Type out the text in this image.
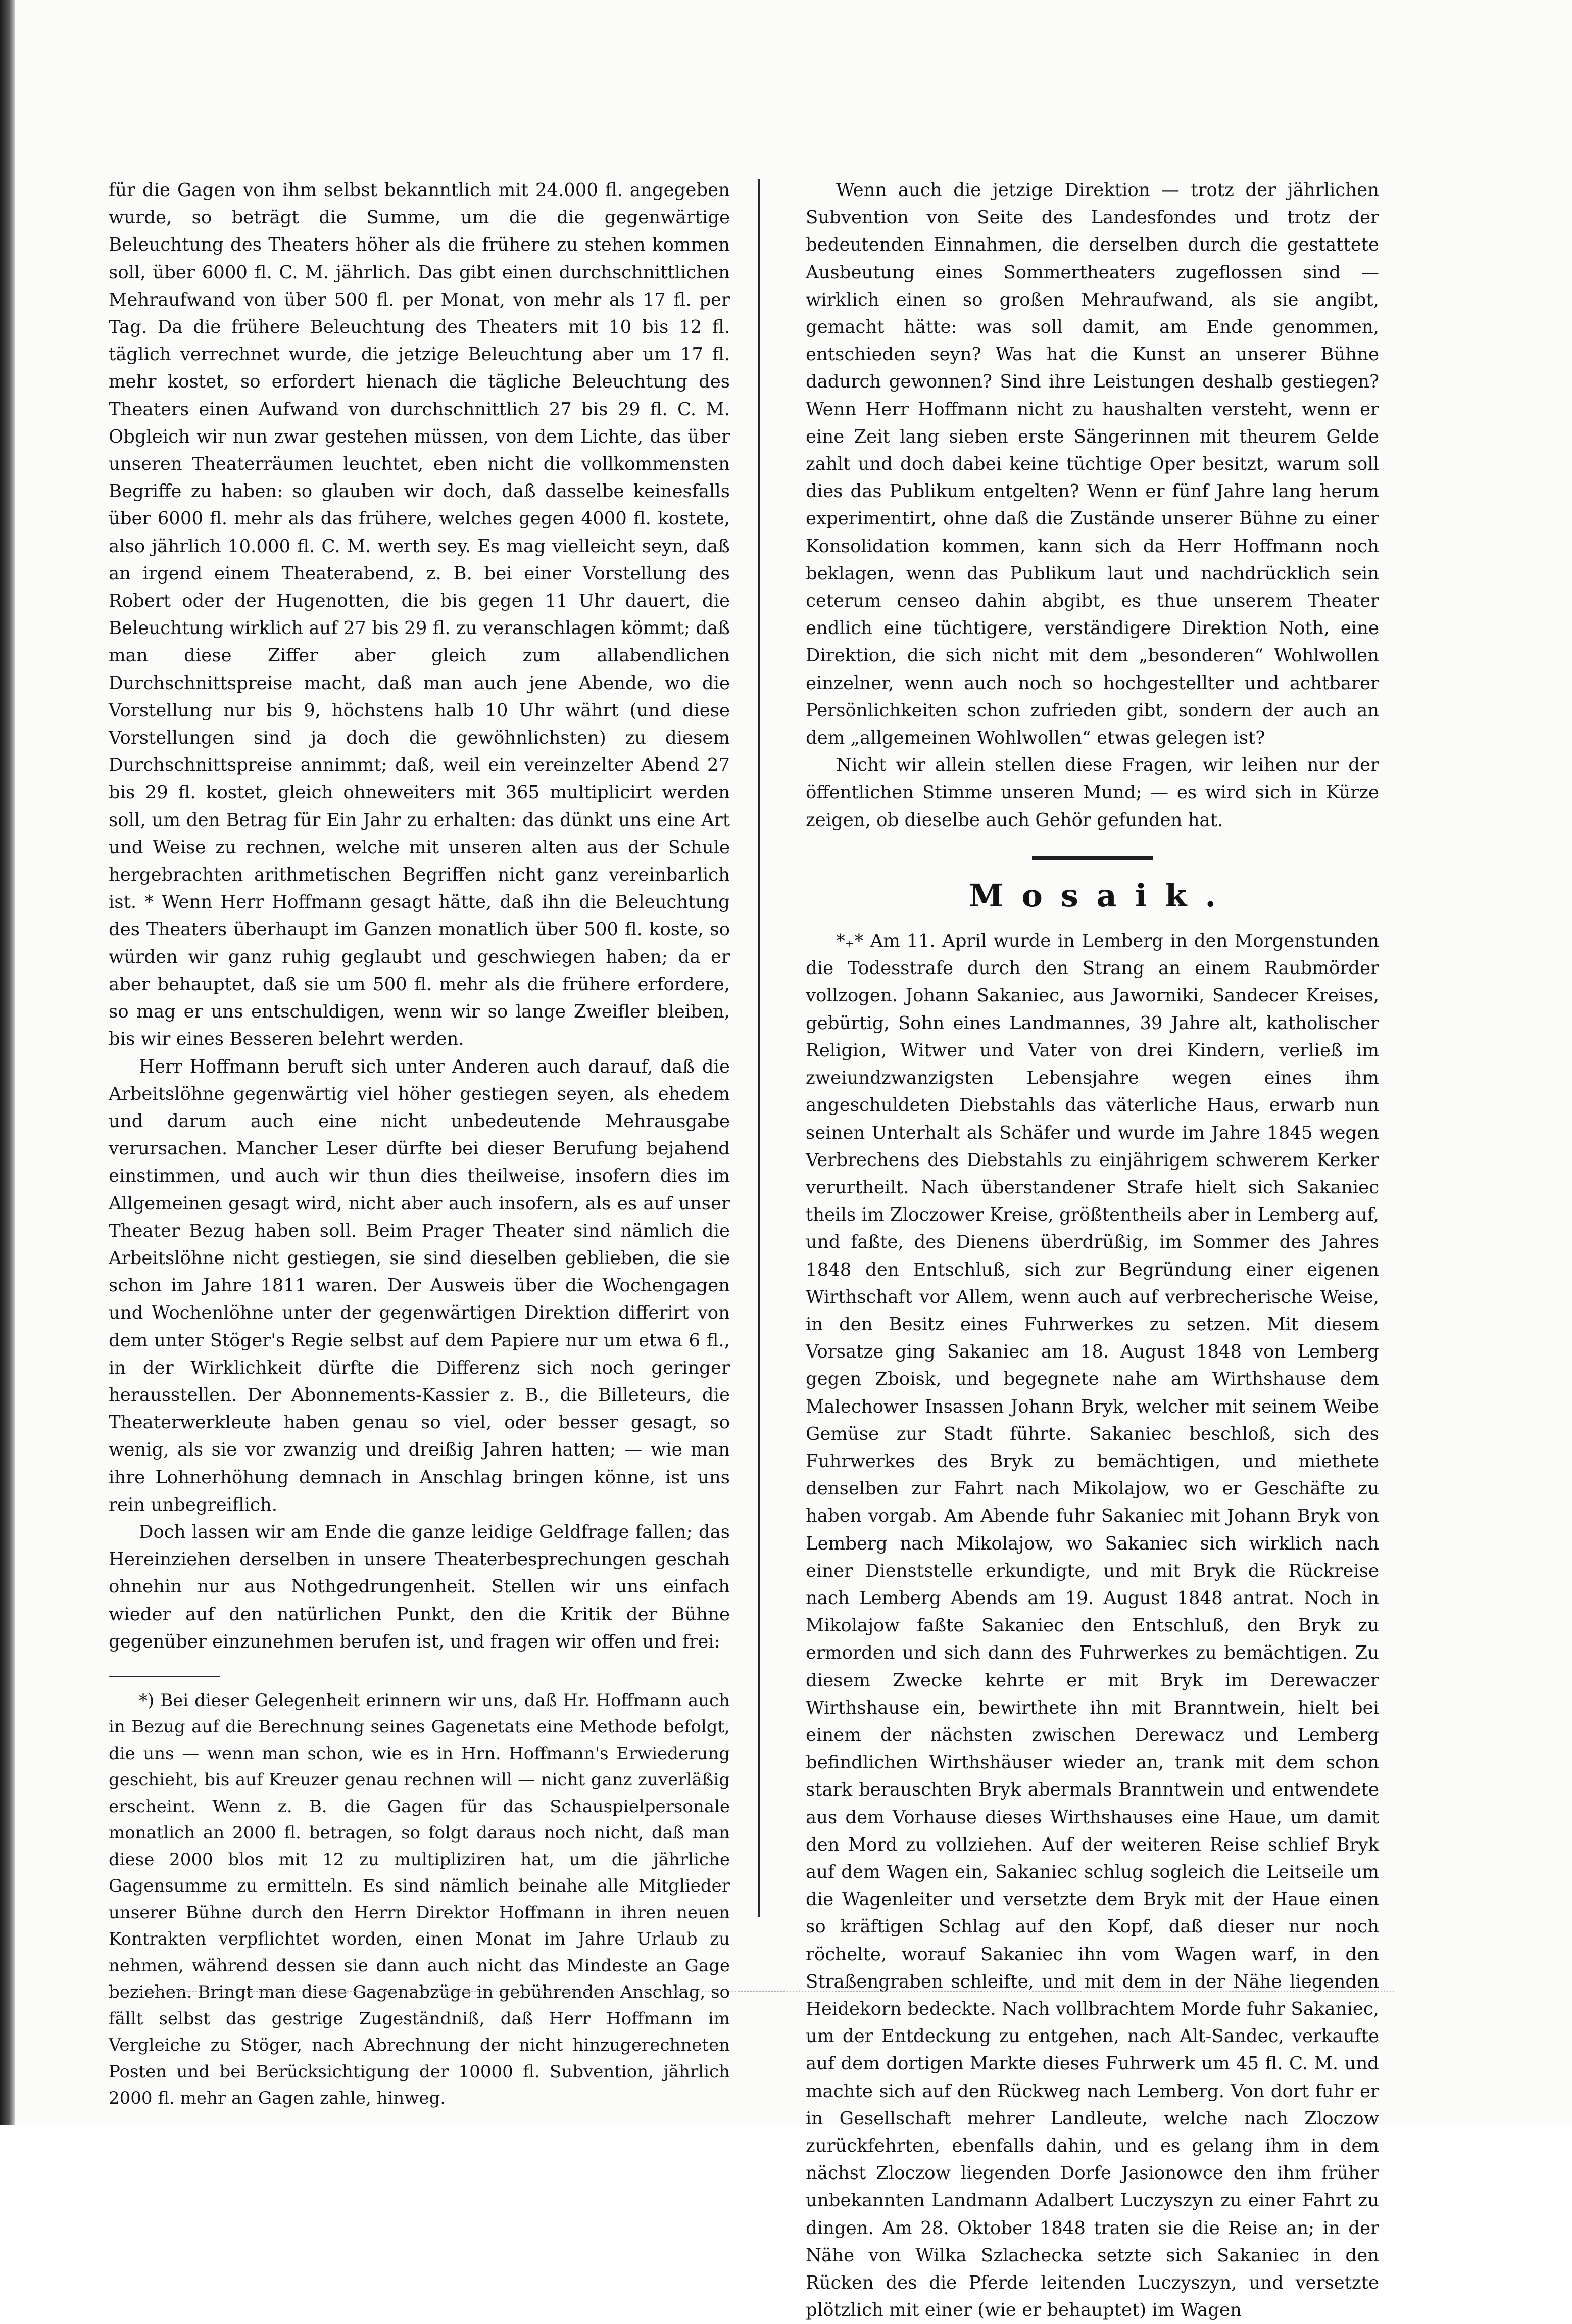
für die Gagen von ihm selbst bekanntlich mit 24.000 fl. angegeben wurde, so beträgt die Summe, um die die gegenwärtige Beleuchtung des Theaters höher als die frühere zu stehen kommen soll, über 6000 fl. C. M. jährlich. Das gibt einen durchschnittlichen Mehraufwand von über 500 fl. per Monat, von mehr als 17 fl. per Tag. Da die frühere Beleuchtung des Theaters mit 10 bis 12 fl. täglich verrechnet wurde, die jetzige Beleuchtung aber um 17 fl. mehr kostet, so erfordert hienach die tägliche Beleuchtung des Theaters einen Aufwand von durchschnittlich 27 bis 29 fl. C. M. Obgleich wir nun zwar gestehen müssen, von dem Lichte, das über unseren Theaterräumen leuchtet, eben nicht die vollkommensten Begriffe zu haben: so glauben wir doch, daß dasselbe keinesfalls über 6000 fl. mehr als das frühere, welches gegen 4000 fl. kostete, also jährlich 10.000 fl. C. M. werth sey. Es mag vielleicht seyn, daß an irgend einem Theaterabend, z. B. bei einer Vorstellung des Robert oder der Hugenotten, die bis gegen 11 Uhr dauert, die Beleuchtung wirklich auf 27 bis 29 fl. zu veranschlagen kömmt; daß man diese Ziffer aber gleich zum allabendlichen Durchschnittspreise macht, daß man auch jene Abende, wo die Vorstellung nur bis 9, höchstens halb 10 Uhr währt (und diese Vorstellungen sind ja doch die gewöhnlichsten) zu diesem Durchschnittspreise annimmt; daß, weil ein vereinzelter Abend 27 bis 29 fl. kostet, gleich ohneweiters mit 365 multiplicirt werden soll, um den Betrag für Ein Jahr zu erhalten: das dünkt uns eine Art und Weise zu rechnen, welche mit unseren alten aus der Schule hergebrachten arithmetischen Begriffen nicht ganz vereinbarlich ist. * Wenn Herr Hoffmann gesagt hätte, daß ihn die Beleuchtung des Theaters überhaupt im Ganzen monatlich über 500 fl. koste, so würden wir ganz ruhig geglaubt und geschwiegen haben; da er aber behauptet, daß sie um 500 fl. mehr als die frühere erfordere, so mag er uns entschuldigen, wenn wir so lange Zweifler bleiben, bis wir eines Besseren belehrt werden.

Herr Hoffmann beruft sich unter Anderen auch darauf, daß die Arbeitslöhne gegenwärtig viel höher gestiegen seyen, als ehedem und darum auch eine nicht unbedeutende Mehrausgabe verursachen. Mancher Leser dürfte bei dieser Berufung bejahend einstimmen, und auch wir thun dies theilweise, insofern dies im Allgemeinen gesagt wird, nicht aber auch insofern, als es auf unser Theater Bezug haben soll. Beim Prager Theater sind nämlich die Arbeitslöhne nicht gestiegen, sie sind dieselben geblieben, die sie schon im Jahre 1811 waren. Der Ausweis über die Wochengagen und Wochenlöhne unter der gegenwärtigen Direktion differirt von dem unter Stöger's Regie selbst auf dem Papiere nur um etwa 6 fl., in der Wirklichkeit dürfte die Differenz sich noch geringer herausstellen. Der Abonnements-Kassier z. B., die Billeteurs, die Theaterwerkleute haben genau so viel, oder besser gesagt, so wenig, als sie vor zwanzig und dreißig Jahren hatten; — wie man ihre Lohnerhöhung demnach in Anschlag bringen könne, ist uns rein unbegreiflich.

Doch lassen wir am Ende die ganze leidige Geldfrage fallen; das Hereinziehen derselben in unsere Theaterbesprechungen geschah ohnehin nur aus Nothgedrungenheit. Stellen wir uns einfach wieder auf den natürlichen Punkt, den die Kritik der Bühne gegenüber einzunehmen berufen ist, und fragen wir offen und frei:

*) Bei dieser Gelegenheit erinnern wir uns, daß Hr. Hoffmann auch in Bezug auf die Berechnung seines Gagenetats eine Methode befolgt, die uns — wenn man schon, wie es in Hrn. Hoffmann's Erwiederung geschieht, bis auf Kreuzer genau rechnen will — nicht ganz zuverläßig erscheint. Wenn z. B. die Gagen für das Schauspielpersonale monatlich an 2000 fl. betragen, so folgt daraus noch nicht, daß man diese 2000 blos mit 12 zu multipliziren hat, um die jährliche Gagensumme zu ermitteln. Es sind nämlich beinahe alle Mitglieder unserer Bühne durch den Herrn Direktor Hoffmann in ihren neuen Kontrakten verpflichtet worden, einen Monat im Jahre Urlaub zu nehmen, während dessen sie dann auch nicht das Mindeste an Gage beziehen. Bringt man diese Gagenabzüge in gebührenden Anschlag, so fällt selbst das gestrige Zugeständniß, daß Herr Hoffmann im Vergleiche zu Stöger, nach Abrechnung der nicht hinzugerechneten Posten und bei Berücksichtigung der 10000 fl. Subvention, jährlich 2000 fl. mehr an Gagen zahle, hinweg.

Wenn auch die jetzige Direktion — trotz der jährlichen Subvention von Seite des Landesfondes und trotz der bedeutenden Einnahmen, die derselben durch die gestattete Ausbeutung eines Sommertheaters zugeflossen sind — wirklich einen so großen Mehraufwand, als sie angibt, gemacht hätte: was soll damit, am Ende genommen, entschieden seyn? Was hat die Kunst an unserer Bühne dadurch gewonnen? Sind ihre Leistungen deshalb gestiegen? Wenn Herr Hoffmann nicht zu haushalten versteht, wenn er eine Zeit lang sieben erste Sängerinnen mit theurem Gelde zahlt und doch dabei keine tüchtige Oper besitzt, warum soll dies das Publikum entgelten? Wenn er fünf Jahre lang herum experimentirt, ohne daß die Zustände unserer Bühne zu einer Konsolidation kommen, kann sich da Herr Hoffmann noch beklagen, wenn das Publikum laut und nachdrücklich sein ceterum censeo dahin abgibt, es thue unserem Theater endlich eine tüchtigere, verständigere Direktion Noth, eine Direktion, die sich nicht mit dem „besonderen“ Wohlwollen einzelner, wenn auch noch so hochgestellter und achtbarer Persönlichkeiten schon zufrieden gibt, sondern der auch an dem „allgemeinen Wohlwollen“ etwas gelegen ist?

Nicht wir allein stellen diese Fragen, wir leihen nur der öffentlichen Stimme unseren Mund; — es wird sich in Kürze zeigen, ob dieselbe auch Gehör gefunden hat.

Mosaik.

*₊* Am 11. April wurde in Lemberg in den Morgenstunden die Todesstrafe durch den Strang an einem Raubmörder vollzogen. Johann Sakaniec, aus Jaworniki, Sandecer Kreises, gebürtig, Sohn eines Landmannes, 39 Jahre alt, katholischer Religion, Witwer und Vater von drei Kindern, verließ im zweiundzwanzigsten Lebensjahre wegen eines ihm angeschuldeten Diebstahls das väterliche Haus, erwarb nun seinen Unterhalt als Schäfer und wurde im Jahre 1845 wegen Verbrechens des Diebstahls zu einjährigem schwerem Kerker verurtheilt. Nach überstandener Strafe hielt sich Sakaniec theils im Zloczower Kreise, größtentheils aber in Lemberg auf, und faßte, des Dienens überdrüßig, im Sommer des Jahres 1848 den Entschluß, sich zur Begründung einer eigenen Wirthschaft vor Allem, wenn auch auf verbrecherische Weise, in den Besitz eines Fuhrwerkes zu setzen. Mit diesem Vorsatze ging Sakaniec am 18. August 1848 von Lemberg gegen Zboisk, und begegnete nahe am Wirthshause dem Malechower Insassen Johann Bryk, welcher mit seinem Weibe Gemüse zur Stadt führte. Sakaniec beschloß, sich des Fuhrwerkes des Bryk zu bemächtigen, und miethete denselben zur Fahrt nach Mikolajow, wo er Geschäfte zu haben vorgab. Am Abende fuhr Sakaniec mit Johann Bryk von Lemberg nach Mikolajow, wo Sakaniec sich wirklich nach einer Dienststelle erkundigte, und mit Bryk die Rückreise nach Lemberg Abends am 19. August 1848 antrat. Noch in Mikolajow faßte Sakaniec den Entschluß, den Bryk zu ermorden und sich dann des Fuhrwerkes zu bemächtigen. Zu diesem Zwecke kehrte er mit Bryk im Derewaczer Wirthshause ein, bewirthete ihn mit Branntwein, hielt bei einem der nächsten zwischen Derewacz und Lemberg befindlichen Wirthshäuser wieder an, trank mit dem schon stark berauschten Bryk abermals Branntwein und entwendete aus dem Vorhause dieses Wirthshauses eine Haue, um damit den Mord zu vollziehen. Auf der weiteren Reise schlief Bryk auf dem Wagen ein, Sakaniec schlug sogleich die Leitseile um die Wagenleiter und versetzte dem Bryk mit der Haue einen so kräftigen Schlag auf den Kopf, daß dieser nur noch röchelte, worauf Sakaniec ihn vom Wagen warf, in den Straßengraben schleifte, und mit dem in der Nähe liegenden Heidekorn bedeckte. Nach vollbrachtem Morde fuhr Sakaniec, um der Entdeckung zu entgehen, nach Alt-Sandec, verkaufte auf dem dortigen Markte dieses Fuhrwerk um 45 fl. C. M. und machte sich auf den Rückweg nach Lemberg. Von dort fuhr er in Gesellschaft mehrer Landleute, welche nach Zloczow zurückfehrten, ebenfalls dahin, und es gelang ihm in dem nächst Zloczow liegenden Dorfe Jasionowce den ihm früher unbekannten Landmann Adalbert Luczyszyn zu einer Fahrt zu dingen. Am 28. Oktober 1848 traten sie die Reise an; in der Nähe von Wilka Szlachecka setzte sich Sakaniec in den Rücken des die Pferde leitenden Luczyszyn, und versetzte plötzlich mit einer (wie er behauptet) im Wagen
